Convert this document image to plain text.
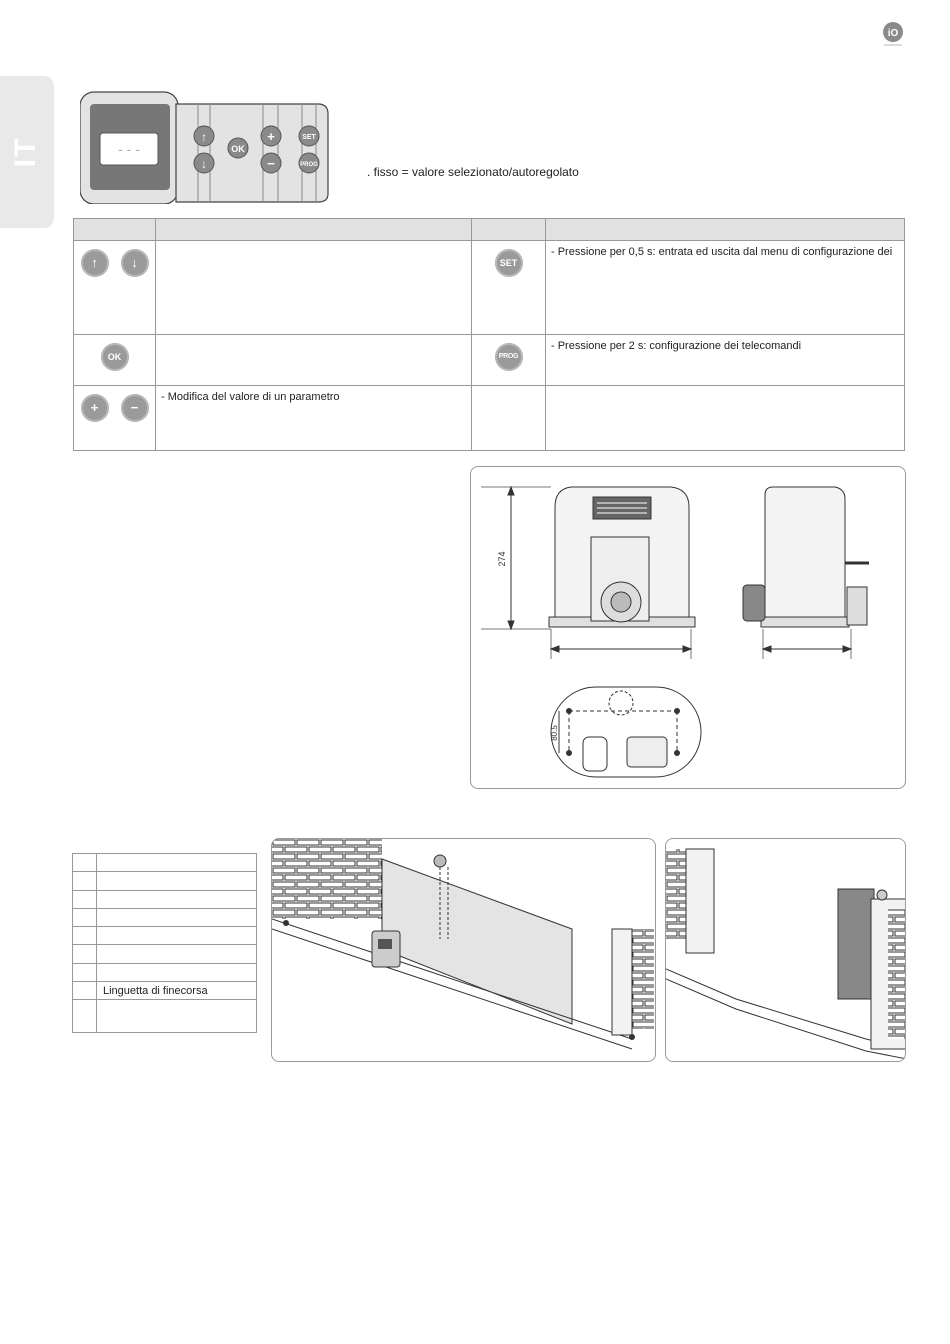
IT
iO
- - -
↑
↓
OK
+
−
SET
PROG	. fisso = valore selezionato/autoregolato

↑ ↓		SET	- Pressione per 0,5 s: entrata ed uscita dal menu di configurazione dei
OK		PROG	- Pressione per 2 s: configurazione dei telecomandi
+ −	- Modifica del valore di un parametro		
274
80.5

	Linguetta di finecorsa
